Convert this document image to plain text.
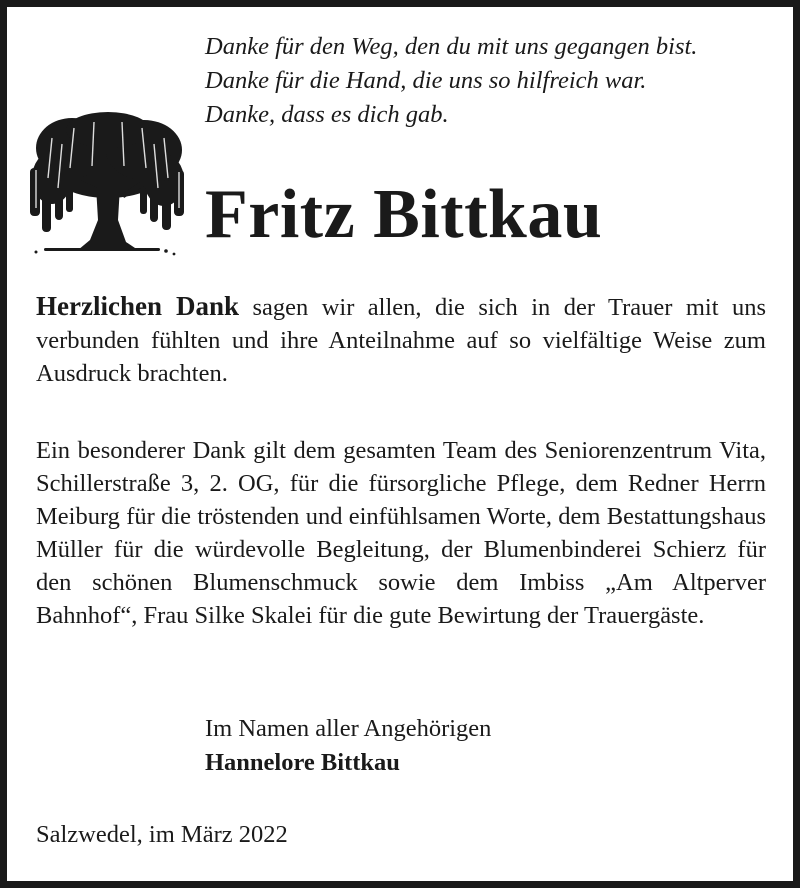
Danke für den Weg, den du mit uns gegangen bist.
Danke für die Hand, die uns so hilfreich war.
Danke, dass es dich gab.
Fritz Bittkau

Herzlichen Dank sagen wir allen, die sich in der Trauer mit uns verbunden fühlten und ihre Anteilnahme auf so vielfältige Weise zum Ausdruck brachten.

Ein besonderer Dank gilt dem gesamten Team des Seniorenzentrum Vita, Schillerstraße 3, 2. OG, für die fürsorgliche Pflege, dem Redner Herrn Meiburg für die tröstenden und einfühlsamen Worte, dem Bestattungshaus Müller für die würdevolle Begleitung, der Blumenbinderei Schierz für den schönen Blumenschmuck sowie dem Imbiss „Am Altperver Bahnhof“, Frau Silke Skalei für die gute Bewirtung der Trauergäste.

Im Namen aller Angehörigen
Hannelore Bittkau
Salzwedel, im März 2022
